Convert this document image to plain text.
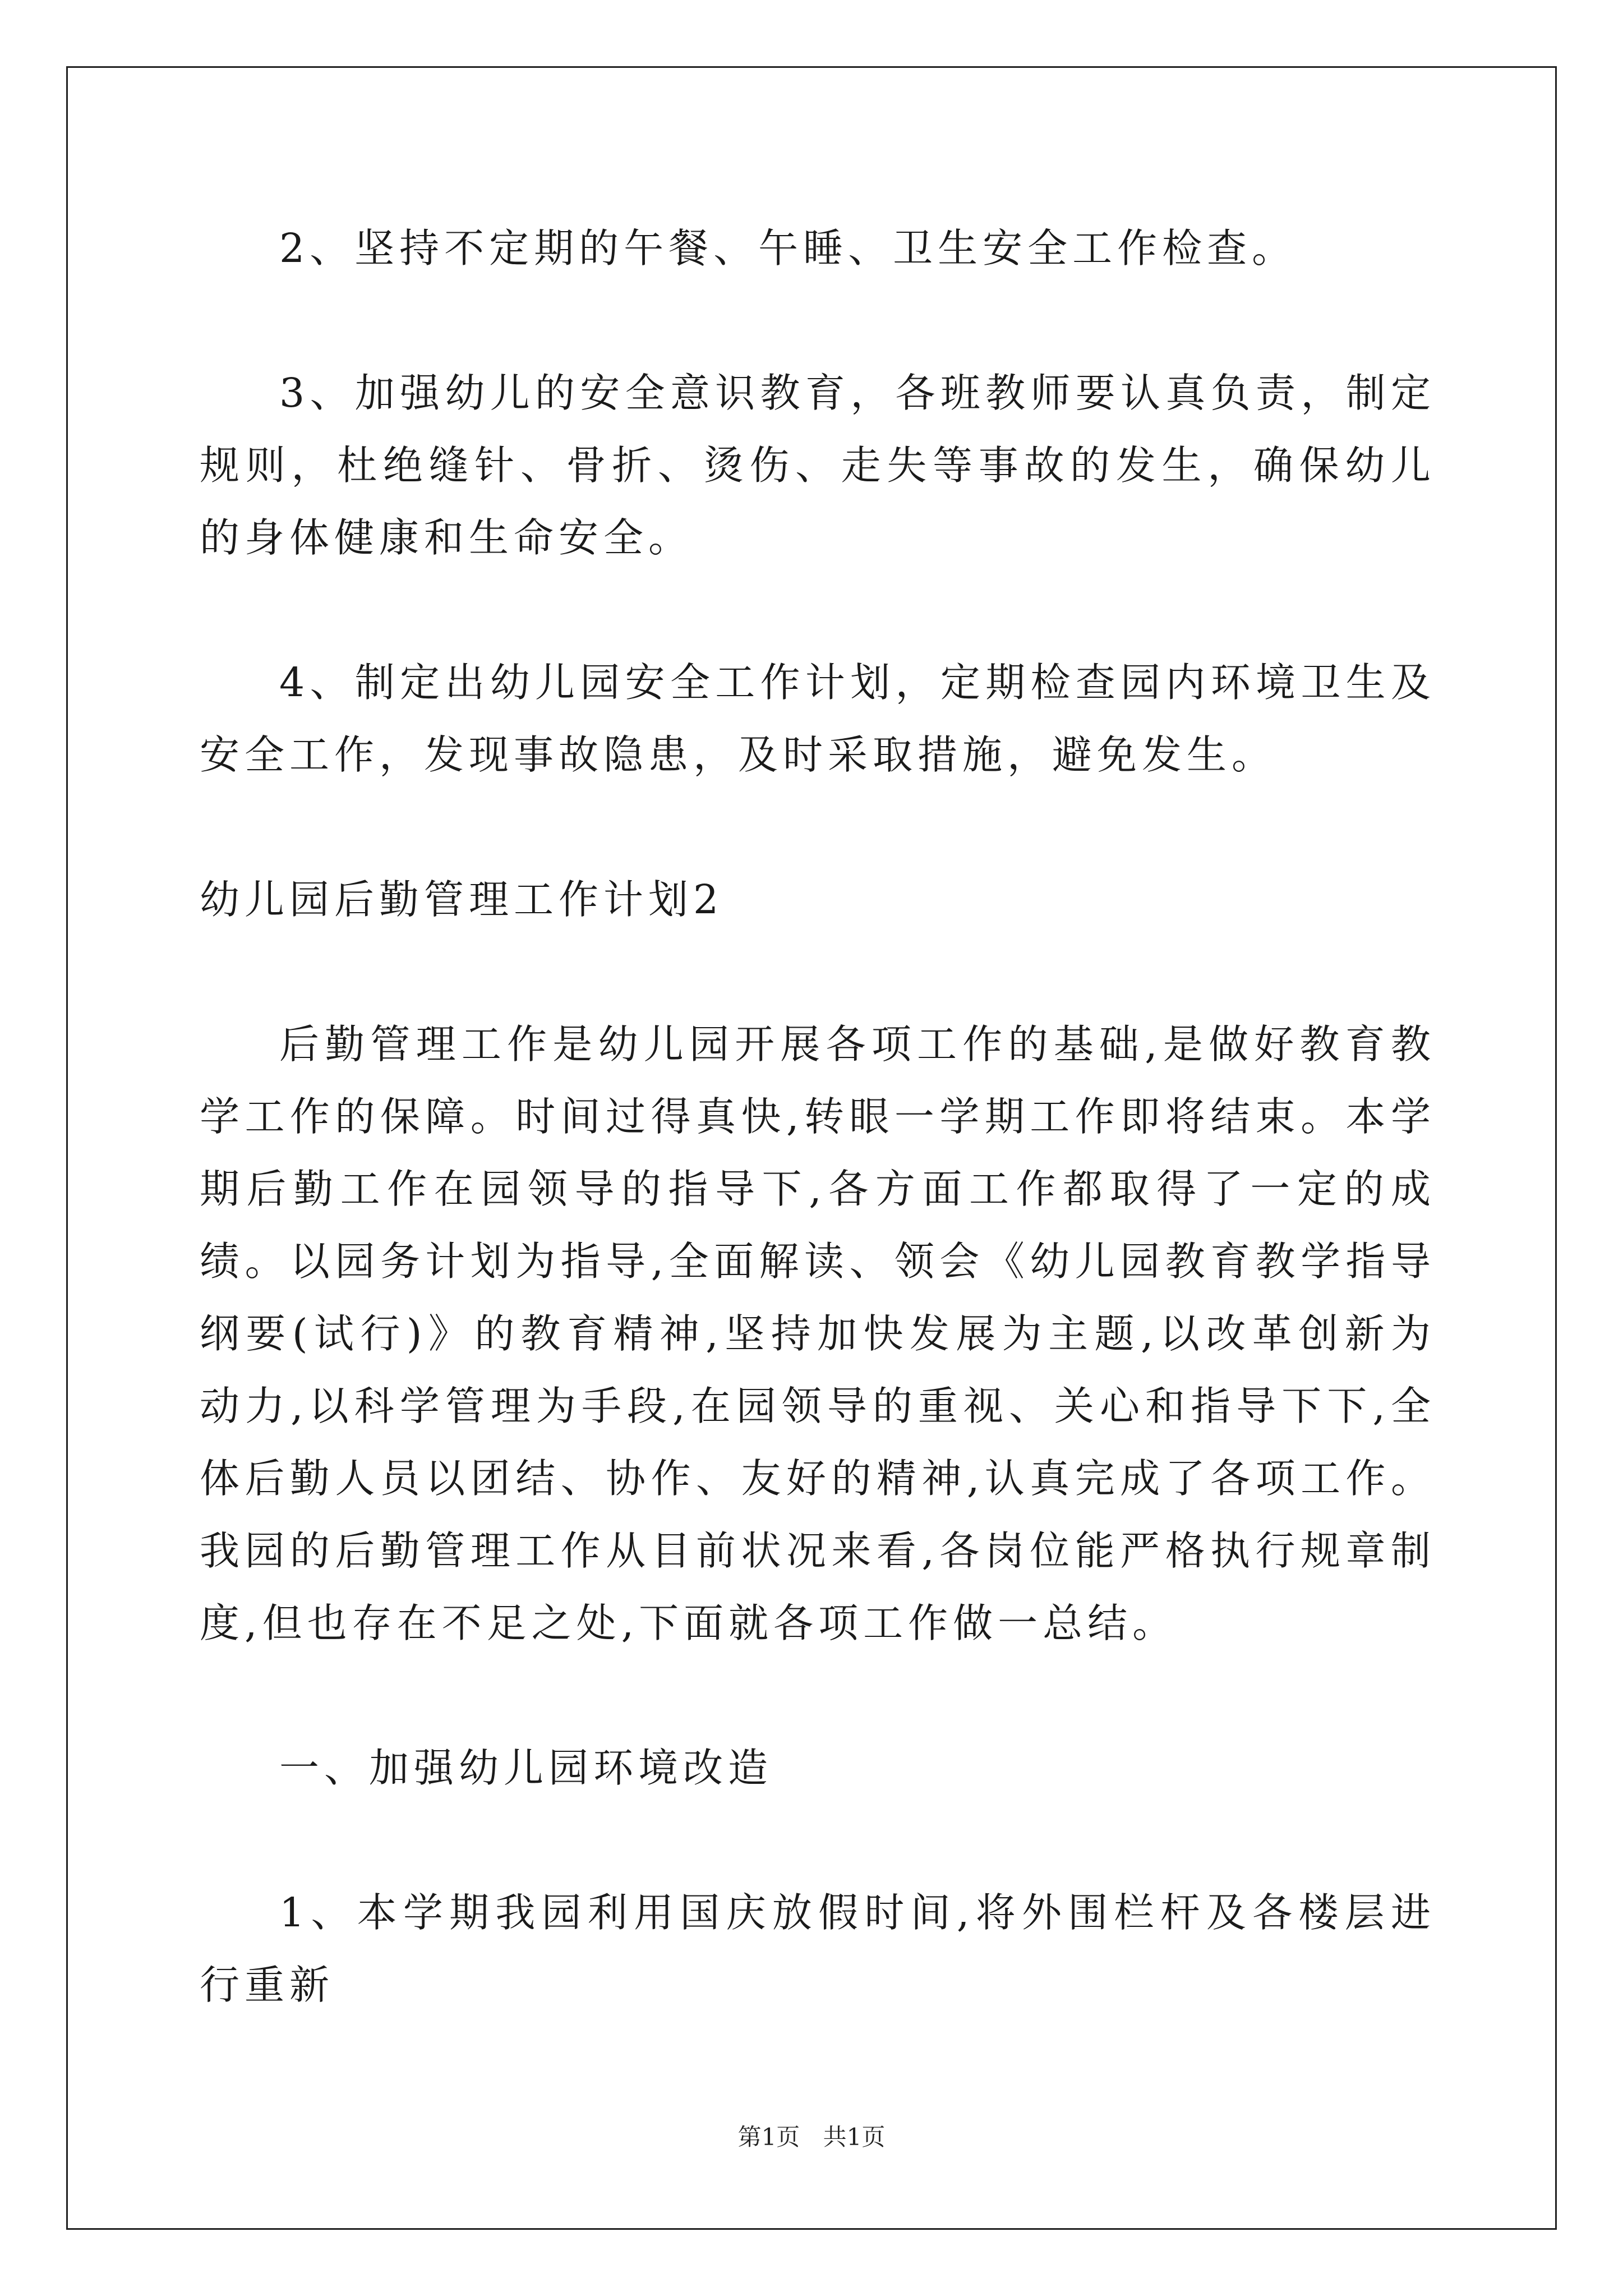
2、坚持不定期的午餐、午睡、卫生安全工作检查。

3、加强幼儿的安全意识教育，各班教师要认真负责，制定规则，杜绝缝针、骨折、烫伤、走失等事故的发生，确保幼儿的身体健康和生命安全。

4、制定出幼儿园安全工作计划，定期检查园内环境卫生及安全工作，发现事故隐患，及时采取措施，避免发生。

幼儿园后勤管理工作计划2

后勤管理工作是幼儿园开展各项工作的基础,是做好教育教学工作的保障。时间过得真快,转眼一学期工作即将结束。本学期后勤工作在园领导的指导下,各方面工作都取得了一定的成绩。以园务计划为指导,全面解读、领会《幼儿园教育教学指导纲要(试行)》的教育精神,坚持加快发展为主题,以改革创新为动力,以科学管理为手段,在园领导的重视、关心和指导下下,全体后勤人员以团结、协作、友好的精神,认真完成了各项工作。我园的后勤管理工作从目前状况来看,各岗位能严格执行规章制度,但也存在不足之处,下面就各项工作做一总结。

一、加强幼儿园环境改造

1、本学期我园利用国庆放假时间,将外围栏杆及各楼层进行重新

第1页 共1页
